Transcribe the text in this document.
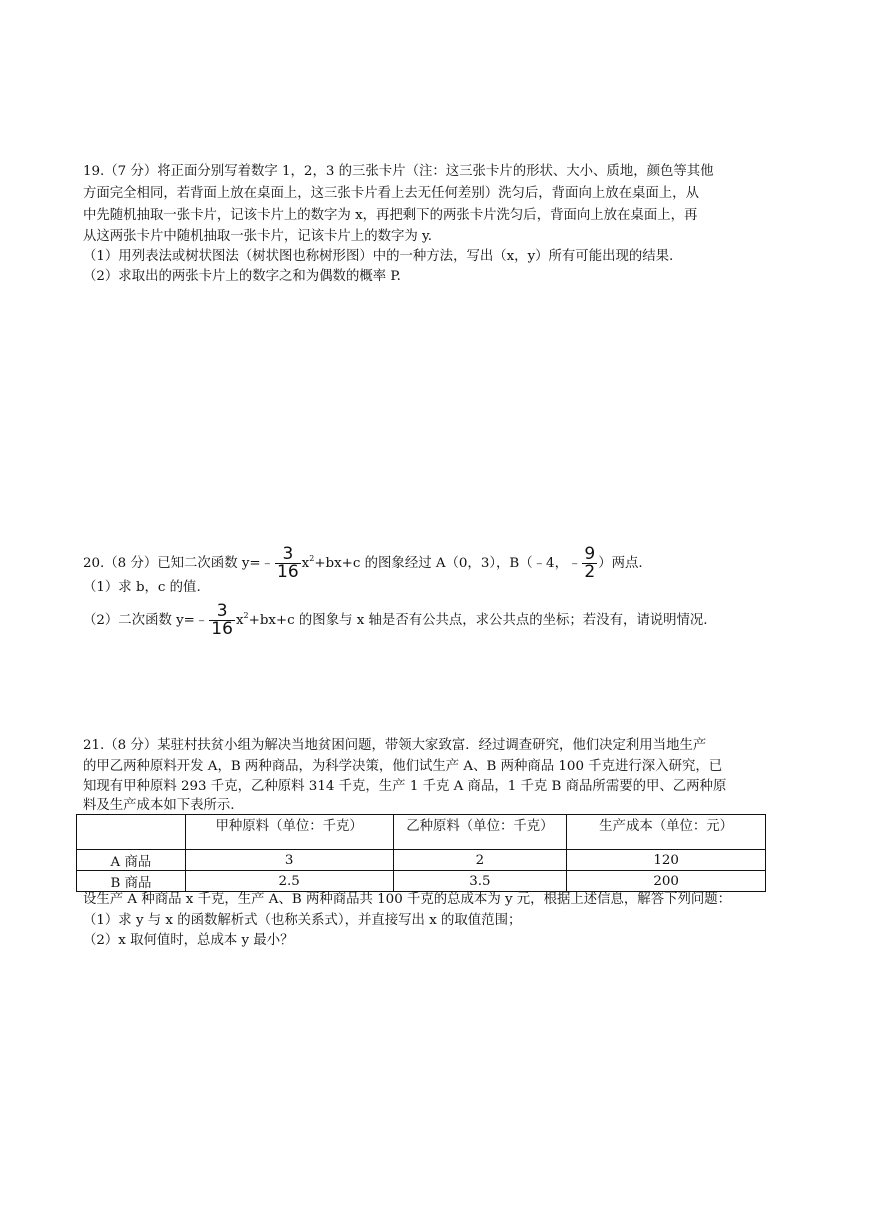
19.（7 分）将正面分别写着数字 1，2，3 的三张卡片（注：这三张卡片的形状、大小、质地，颜色等其他
方面完全相同，若背面上放在桌面上，这三张卡片看上去无任何差别）洗匀后，背面向上放在桌面上，从
中先随机抽取一张卡片，记该卡片上的数字为 x，再把剩下的两张卡片洗匀后，背面向上放在桌面上，再
从这两张卡片中随机抽取一张卡片，记该卡片上的数字为 y.
（1）用列表法或树状图法（树状图也称树形图）中的一种方法，写出（x，y）所有可能出现的结果.
（2）求取出的两张卡片上的数字之和为偶数的概率 P.
20.（8 分）已知二次函数 y=﹣ $\frac{3}{16} x^2+bx+c$ 的图象经过 A（0，3），B（﹣4，﹣ $\frac{9}{2}$ ）两点.
（1）求 b，c 的值.
（2）二次函数 y=﹣ $\frac{3}{16} x^2+bx+c$ 的图象与 x 轴是否有公共点，求公共点的坐标；若没有，请说明情况.
21.（8 分）某驻村扶贫小组为解决当地贫困问题，带领大家致富．经过调查研究，他们决定利用当地生产
的甲乙两种原料开发 A，B 两种商品，为科学决策，他们试生产 A、B 两种商品 100 千克进行深入研究，已
知现有甲种原料 293 千克，乙种原料 314 千克，生产 1 千克 A 商品，1 千克 B 商品所需要的甲、乙两种原
料及生产成本如下表所示.
	甲种原料（单位：千克）	乙种原料（单位：千克）	生产成本（单位：元）
A 商品	3	2	120
B 商品	2.5	3.5	200
设生产 A 种商品 x 千克，生产 A、B 两种商品共 100 千克的总成本为 y 元，根据上述信息，解答下列问题：
（1）求 y 与 x 的函数解析式（也称关系式），并直接写出 x 的取值范围；
（2）x 取何值时，总成本 y 最小？
